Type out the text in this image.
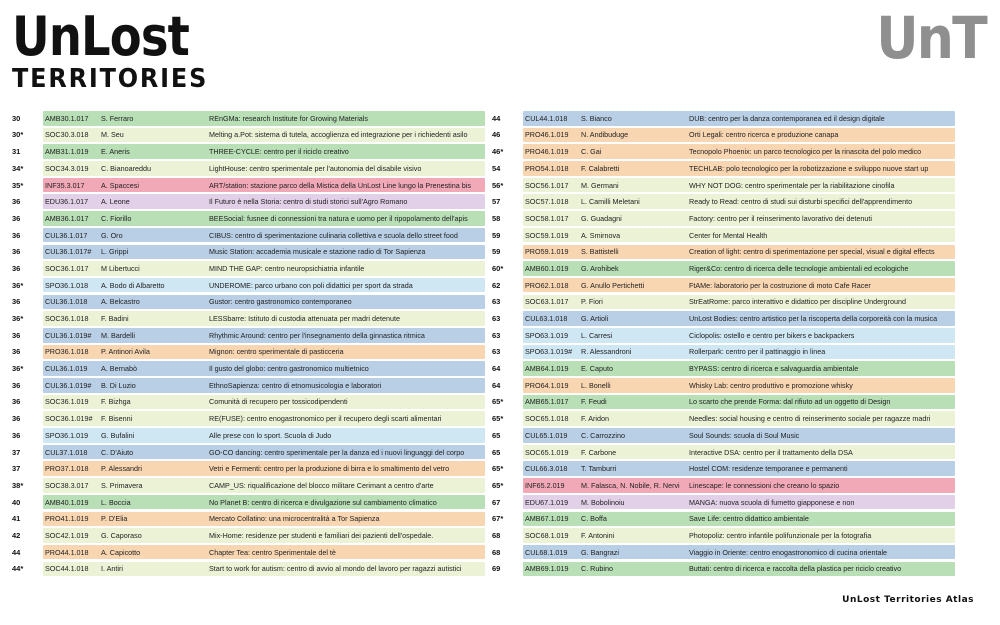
UnLost
TERRITORIES
UnT
30	AMB30.1.017	S. Ferraro	REnGMa: research Institute for Growing Materials
30*	SOC30.3.018	M. Seu	Melting a.Pot: sistema di tutela, accoglienza ed integrazione per i richiedenti asilo
31	AMB31.1.019	E. Aneris	THREE-CYCLE: centro per il riciclo creativo
34*	SOC34.3.019	C. Bianoareddu	LightHouse: centro sperimentale per l'autonomia del disabile visivo
35*	INF35.3.017	A. Spaccesi	ART/station: stazione parco della Mistica della UnLost Line lungo la Prenestina bis
36	EDU36.1.017	A. Leone	Il Futuro è nella Storia: centro di studi storici sull'Agro Romano
36	AMB36.1.017	C. Fiorillo	BEESocial: fusnee di connessioni tra natura e uomo per il ripopolamento dell'apis
36	CUL36.1.017	G. Oro	CIBUS: centro di sperimentazione culinaria collettiva e scuola dello street food
36	CUL36.1.017#	L. Grippi	Music Station: accademia musicale e stazione radio di Tor Sapienza
36	SOC36.1.017	M Libertucci	MIND THE GAP: centro neuropsichiatria infantile
36*	SPO36.1.018	A. Bodo di Albaretto	UNDEROME: parco urbano con poli didattici per sport da strada
36	CUL36.1.018	A. Belcastro	Gustor: centro gastronomico contemporaneo
36*	SOC36.1.018	F. Badini	LESSbarre: Istituto di custodia attenuata per madri detenute
36	CUL36.1.019#	M. Bardelli	Rhythmic Around: centro per l'insegnamento della ginnastica ritmica
36	PRO36.1.018	P. Antinori Avila	Mignon: centro sperimentale di pasticceria
36*	CUL36.1.019	A. Bernabò	Il gusto del globo: centro gastronomico multietnico
36	CUL36.1.019#	B. Di Luzio	EthnoSapienza: centro di etnomusicologia e laboratori
36	SOC36.1.019	F. Bizhga	Comunità di recupero per tossicodipendenti
36	SOC36.1.019#	F. Bisenni	RE(FUSE): centro enogastronomico per il recupero degli scarti alimentari
36	SPO36.1.019	G. Bufalini	Alle prese con lo sport. Scuola di Judo
37	CUL37.1.018	C. D'Aiuto	GO-CO dancing: centro sperimentale per la danza ed i nuovi linguaggi del corpo
37	PRO37.1.018	P. Alessandri	Vetri e Fermenti: centro per la produzione di birra e lo smaltimento del vetro
38*	SOC38.3.017	S. Primavera	CAMP_US: riqualificazione del blocco militare Cerimant a centro d'arte
40	AMB40.1.019	L. Boccia	No Planet B: centro di ricerca e divulgazione sul cambiamento climatico
41	PRO41.1.019	P. D'Elia	Mercato Collatino: una microcentralità a Tor Sapienza
42	SOC42.1.019	G. Caporaso	Mix-Home: residenze per studenti e familiari dei pazienti dell'ospedale.
44	PRO44.1.018	A. Capicotto	Chapter Tea: centro Sperimentale del tè
44*	SOC44.1.018	I. Antiri	Start to work for autism: centro di avvio al mondo del lavoro per ragazzi autistici
44	CUL44.1.018	S. Bianco	DUB: centro per la danza contemporanea ed il design digitale
46	PRO46.1.019	N. Andibuduge	Orti Legali: centro ricerca e produzione canapa
46*	PRO46.1.019	C. Gai	Tecnopolo Phoenix: un parco tecnologico per la rinascita del polo medico
54	PRO54.1.018	F. Calabretti	TECHLAB: polo tecnologico per la robotizzazione e sviluppo nuove start up
56*	SOC56.1.017	M. Germani	WHY NOT DOG: centro sperimentale per la riabilitazione cinofila
57	SOC57.1.018	L. Camilli Meletani	Ready to Read: centro di studi sui disturbi specifici dell'apprendimento
58	SOC58.1.017	G. Guadagni	Factory: centro per il reinserimento lavorativo dei detenuti
59	SOC59.1.019	A. Smirnova	Center for Mental Health
59	PRO59.1.019	S. Battistelli	Creation of light: centro di sperimentazione per special, visual e digital effects
60*	AMB60.1.019	G. Arohibek	Riger&Co: centro di ricerca delle tecnologie ambientali ed ecologiche
62	PRO62.1.018	G. Anullo Pertichetti	FtAMe: laboratorio per la costruzione di moto Cafe Racer
63	SOC63.1.017	P. Fiori	StrEatRome: parco interattivo e didattico per discipline Underground
63	CUL63.1.018	G. Artioli	UnLost Bodies: centro artistico per la riscoperta della corporeità con la musica
63	SPO63.1.019	L. Carresi	Ciclopolis: ostello e centro per bikers e backpackers
63	SPO63.1.019#	R. Alessandroni	Rollerpark: centro per il pattinaggio in linea
64	AMB64.1.019	E. Caputo	BYPASS: centro di ricerca e salvaguardia ambientale
64	PRO64.1.019	L. Bonelli	Whisky Lab: centro produttivo e promozione whisky
65*	AMB65.1.017	F. Feudi	Lo scarto che prende Forma: dal rifiuto ad un oggetto di Design
65*	SOC65.1.018	F. Aridon	Needles: social housing e centro di reinserimento sociale per ragazze madri
65	CUL65.1.019	C. Carrozzino	Soul Sounds: scuola di Soul Music
65	SOC65.1.019	F. Carbone	Interactive DSA: centro per il trattamento della DSA
65*	CUL66.3.018	T. Tamburri	Hostel COM: residenze temporanee e permanenti
65*	INF65.2.019	M. Falasca, N. Nobile, R. Nervi	Linescape: le connessioni che creano lo spazio
67	EDU67.1.019	M. Bobolinoiu	MANGA: nuova scuola di fumetto giapponese e non
67*	AMB67.1.019	C. Boffa	Save Life: centro didattico ambientale
68	SOC68.1.019	F. Antonini	Photopoliz: centro infantile polifunzionale per la fotografia
68	CUL68.1.019	G. Bangrazi	Viaggio in Oriente: centro enogastronomico di cucina orientale
69	AMB69.1.019	C. Rubino	Buttati: centro di ricerca e raccolta della plastica per riciclo creativo
UnLost Territories Atlas
